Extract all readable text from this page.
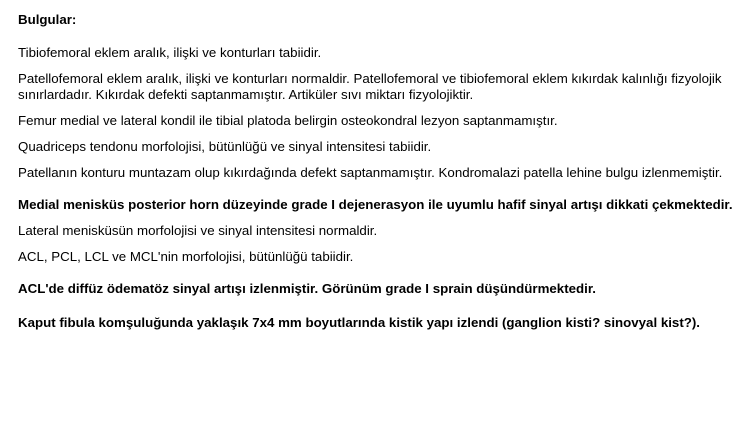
Bulgular:

Tibiofemoral eklem aralık, ilişki ve konturları tabiidir.

Patellofemoral eklem aralık, ilişki ve konturları normaldir. Patellofemoral ve tibiofemoral eklem kıkırdak kalınlığı fizyolojik sınırlardadır. Kıkırdak defekti saptanmamıştır. Artiküler sıvı miktarı fizyolojiktir.

Femur medial ve lateral kondil ile tibial platoda belirgin osteokondral lezyon saptanmamıştır.

Quadriceps tendonu morfolojisi, bütünlüğü ve sinyal intensitesi tabiidir.

Patellanın konturu muntazam olup kıkırdağında defekt saptanmamıştır. Kondromalazi patella lehine bulgu izlenmemiştir.

Medial menisküs posterior horn düzeyinde grade I dejenerasyon ile uyumlu hafif sinyal artışı dikkati çekmektedir.

Lateral menisküsün morfolojisi ve sinyal intensitesi normaldir.

ACL, PCL, LCL ve MCL'nin morfolojisi, bütünlüğü tabiidir.

ACL'de diffüz ödematöz sinyal artışı izlenmiştir. Görünüm grade I sprain düşündürmektedir.

Kaput fibula komşuluğunda yaklaşık 7x4 mm boyutlarında kistik yapı izlendi (ganglion kisti? sinovyal kist?).
